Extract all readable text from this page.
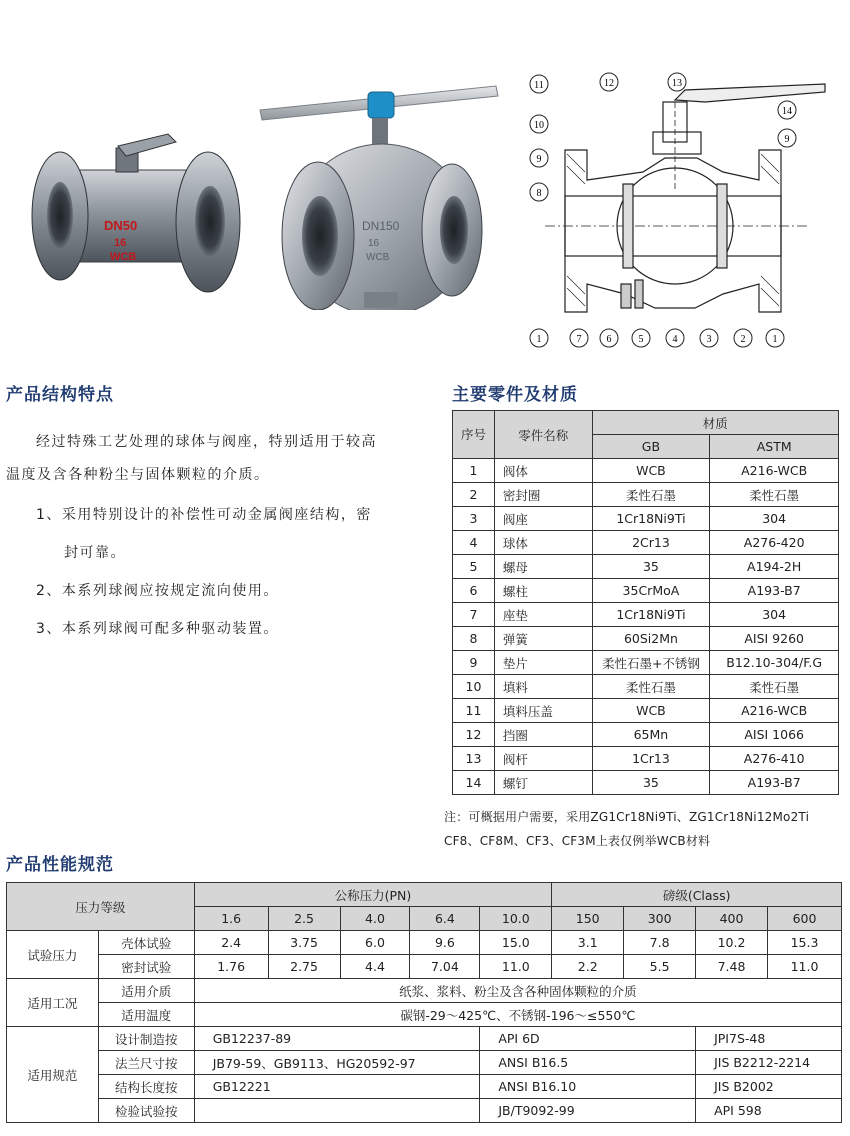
DN50
16
WCB
DN150
16
WCB
11	12	13
14
10
9
9
8
1	7	6	5	4	3	2	1
产品结构特点
经过特殊工艺处理的球体与阀座，特别适用于较高
温度及含各种粉尘与固体颗粒的介质。
1、采用特别设计的补偿性可动金属阀座结构，密
封可靠。
2、本系列球阀应按规定流向使用。
3、本系列球阀可配多种驱动装置。
主要零件及材质
序号	零件名称	材质	
		GB	ASTM
1	阀体	WCB	A216-WCB
2	密封圈	柔性石墨	柔性石墨
3	阀座	1Cr18Ni9Ti	304
4	球体	2Cr13	A276-420
5	螺母	35	A194-2H
6	螺柱	35CrMoA	A193-B7
7	座垫	1Cr18Ni9Ti	304
8	弹簧	60Si2Mn	AISI 9260
9	垫片	柔性石墨+不锈钢	B12.10-304/F.G
10	填料	柔性石墨	柔性石墨
11	填料压盖	WCB	A216-WCB
12	挡圈	65Mn	AISI 1066
13	阀杆	1Cr13	A276-410
14	螺钉	35	A193-B7
注：可概据用户需要，采用ZG1Cr18Ni9Ti、ZG1Cr18Ni12Mo2Ti
CF8、CF8M、CF3、CF3M上表仅例举WCB材料
产品性能规范
压力等级		公称压力(PN)					磅级(Class)			
		1.6	2.5	4.0	6.4	10.0	150	300	400	600
试验压力	壳体试验	2.4	3.75	6.0	9.6	15.0	3.1	7.8	10.2	15.3
	密封试验	1.76	2.75	4.4	7.04	11.0	2.2	5.5	7.48	11.0
适用工况	适用介质	纸浆、浆料、粉尘及含各种固体颗粒的介质								
	适用温度	碳钢-29～425℃、不锈钢-196～≤550℃								
适用规范	设计制造按	GB12237-89				API 6D			JPI7S-48	
	法兰尺寸按	JB79-59、GB9113、HG20592-97				ANSI B16.5			JIS B2212-2214	
	结构长度按	GB12221				ANSI B16.10			JIS B2002	
	检验试验按					JB/T9092-99			API 598	
